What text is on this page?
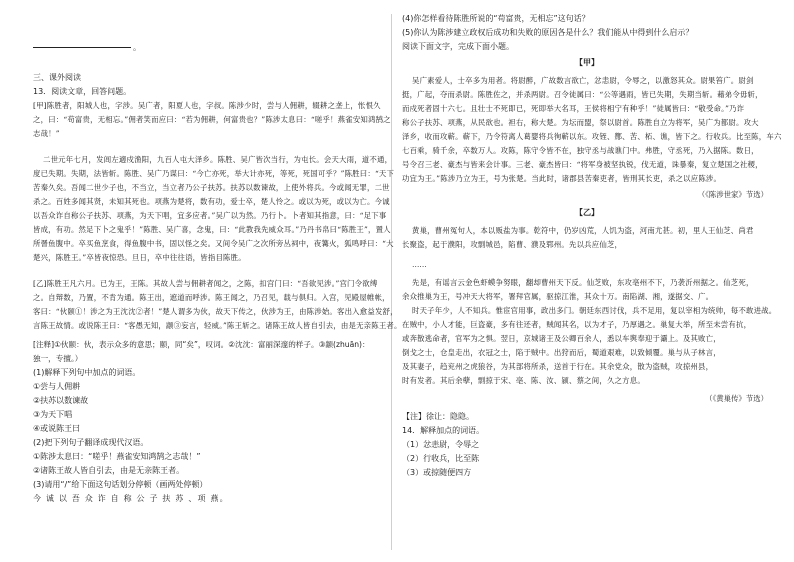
。
三、课外阅读
13．阅读文章，回答问题。
[甲]陈胜者，阳城人也，字涉。吴广者，阳夏人也，字叔。陈涉少时，尝与人佣耕，辍耕之垄上，怅恨久
之，曰：“苟富贵，无相忘。”佣者笑而应曰：“若为佣耕，何富贵也？”陈涉太息曰：“嗟乎！燕雀安知鸿鹄之
志哉！”
二世元年七月，发闾左適戍渔阳，九百人屯大泽乡。陈胜、吴广皆次当行，为屯长。会天大雨，道不通，
度已失期。失期，法皆斩。陈胜、吴广乃谋曰：“今亡亦死，举大计亦死，等死，死国可乎？”陈胜曰：“天下
苦秦久矣。吾闻二世少子也，不当立，当立者乃公子扶苏。扶苏以数谏故，上使外将兵。今或闻无罪，二世
杀之。百姓多闻其贤，未知其死也。项燕为楚将，数有功，爱士卒，楚人怜之。或以为死，或以为亡。今诚
以吾众诈自称公子扶苏、项燕，为天下唱，宜多应者。”吴广以为然。乃行卜。卜者知其指意，曰：“足下事
皆成，有功。然足下卜之鬼乎！”陈胜、吴广喜，念鬼，曰：“此教我先威众耳。”乃丹书帛曰“陈胜王”，置人
所罾鱼腹中。卒买鱼烹食，得鱼腹中书，固以怪之矣。又间令吴广之次所旁丛祠中，夜篝火，狐鸣呼曰：“大
楚兴，陈胜王。”卒皆夜惊恐。旦日，卒中往往语，皆指目陈胜。
[乙]陈胜王凡六月。已为王，王陈。其故人尝与佣耕者闻之，之陈，扣宫门曰：“吾欲见涉。”宫门令欲缚
之。自辩数，乃置，不肯为通。陈王出，遮道而呼涉。陈王闻之，乃召见，载与俱归。入宫，见殿屋帷帐，
客曰：“伙颐①！涉之为王沈沈②者！”楚人谓多为伙，故天下传之，伙涉为王，由陈涉始。客出入愈益发舒，
言陈王故情。或说陈王曰：“客愚无知，颛③妄言，轻威。”陈王斩之。诸陈王故人皆自引去，由是无亲陈王者。
[注释]①伙颐：伙，表示众多的意思；颐，同“矣”，叹词。②沈沈：富丽深邃的样子。③颛(zhuān)：
独一，专擅。）
(1)解释下列句中加点的词语。
①尝与人佣耕
②扶苏以数谏故
③为天下唱
④或说陈王曰
(2)把下列句子翻译成现代汉语。
①陈涉太息曰：“嗟乎！燕雀安知鸿鹄之志哉！”
②诸陈王故人皆自引去，由是无亲陈王者。
(3)请用“/”给下面这句话划分停顿（画两处停顿）
今 诚 以 吾 众 诈 自 称 公 子 扶 苏 、项 燕。
(4)你怎样看待陈胜所说的“苟富贵，无相忘”这句话？
(5)你认为陈涉建立政权后成功和失败的原因各是什么？我们能从中得到什么启示？
阅读下面文字，完成下面小题。
【甲】
吴广素爱人，士卒多为用者。将尉醉，广故数言欲亡，忿恚尉，令辱之，以激怒其众。尉果笞广。尉剑
挺，广起，夺而杀尉。陈胜佐之，并杀两尉。召令徒属曰：“公等遇雨，皆已失期，失期当斩。藉弟令毋斩，
而戍死者固十六七。且壮士不死即已，死即举大名耳，王侯将相宁有种乎！”徒属皆曰：“敬受命。”乃诈
称公子扶苏、项燕，从民欲也。袒右，称大楚。为坛而盟，祭以尉首。陈胜自立为将军，吴广为都尉。攻大
泽乡，收而攻蕲。蕲下，乃令符离人葛婴将兵徇蕲以东。攻铚、酂、苦、柘、谯，皆下之。行收兵。比至陈，车六
七百乘，骑千余，卒数万人。攻陈，陈守令皆不在，独守丞与战谯门中。弗胜，守丞死，乃入据陈。数日，
号令召三老、豪杰与皆来会计事。三老、豪杰皆曰：“将军身被坚执锐，伐无道，诛暴秦，复立楚国之社稷，
功宜为王。”陈涉乃立为王，号为张楚。当此时，诸郡县苦秦吏者，皆刑其长吏，杀之以应陈涉。
（《陈涉世家》节选）
【乙】
黄巢，曹州冤句人，本以贩盐为事。乾符中，仍岁凶荒，人饥为盗，河南尤甚。初，里人王仙芝、尚君
长聚盗，起于濮阳，攻剽城邑，陷曹、濮及郓州。先以兵应仙芝，
……
先是，有谣言云金色虾蟆争努眼，翻却曹州天下反。仙芝败，东攻亳州不下，乃袭沂州据之。仙芝死，
余众推巢为王，号冲天大将军，署拜官属，驱掠江淮，其众十万。南陷湖、湘，遂据交、广。
时天子年少，人不知兵。惟宦官用事，政出多门。朝廷东西讨伐，兵不足用，复以宰相为统帅，每不敢进战。
在贼中，小人才能，巨盗豪，多有往还者，贼闻其名，以为才子，乃厚遇之。巢复大举，所至未尝有抗，
或奔散逃命者，官军为之惧。翌日，京城诸王及公卿百余人，悉以车舆奉迎于灞上。及其败亡，
倒戈之士，仓皇走出，衣冠之士，陷于贼中。出狩而后，蜀道艰难，以致倾覆。巢与从子林言，
及其妻子，趋兖州之虎狼谷，为其部将所杀，送首于行在。其余党众，散为盗贼，攻掠州县，
时有发者。其后余孽，剽掠于宋、亳、陈、汝、颍、蔡之间，久之方息。
（《黄巢传》节选）
【注】徐让：隐隐。
14．解释加点的词语。
（1）忿恚尉，令辱之
（2）行收兵，比至陈
（3）或掠随便四方
